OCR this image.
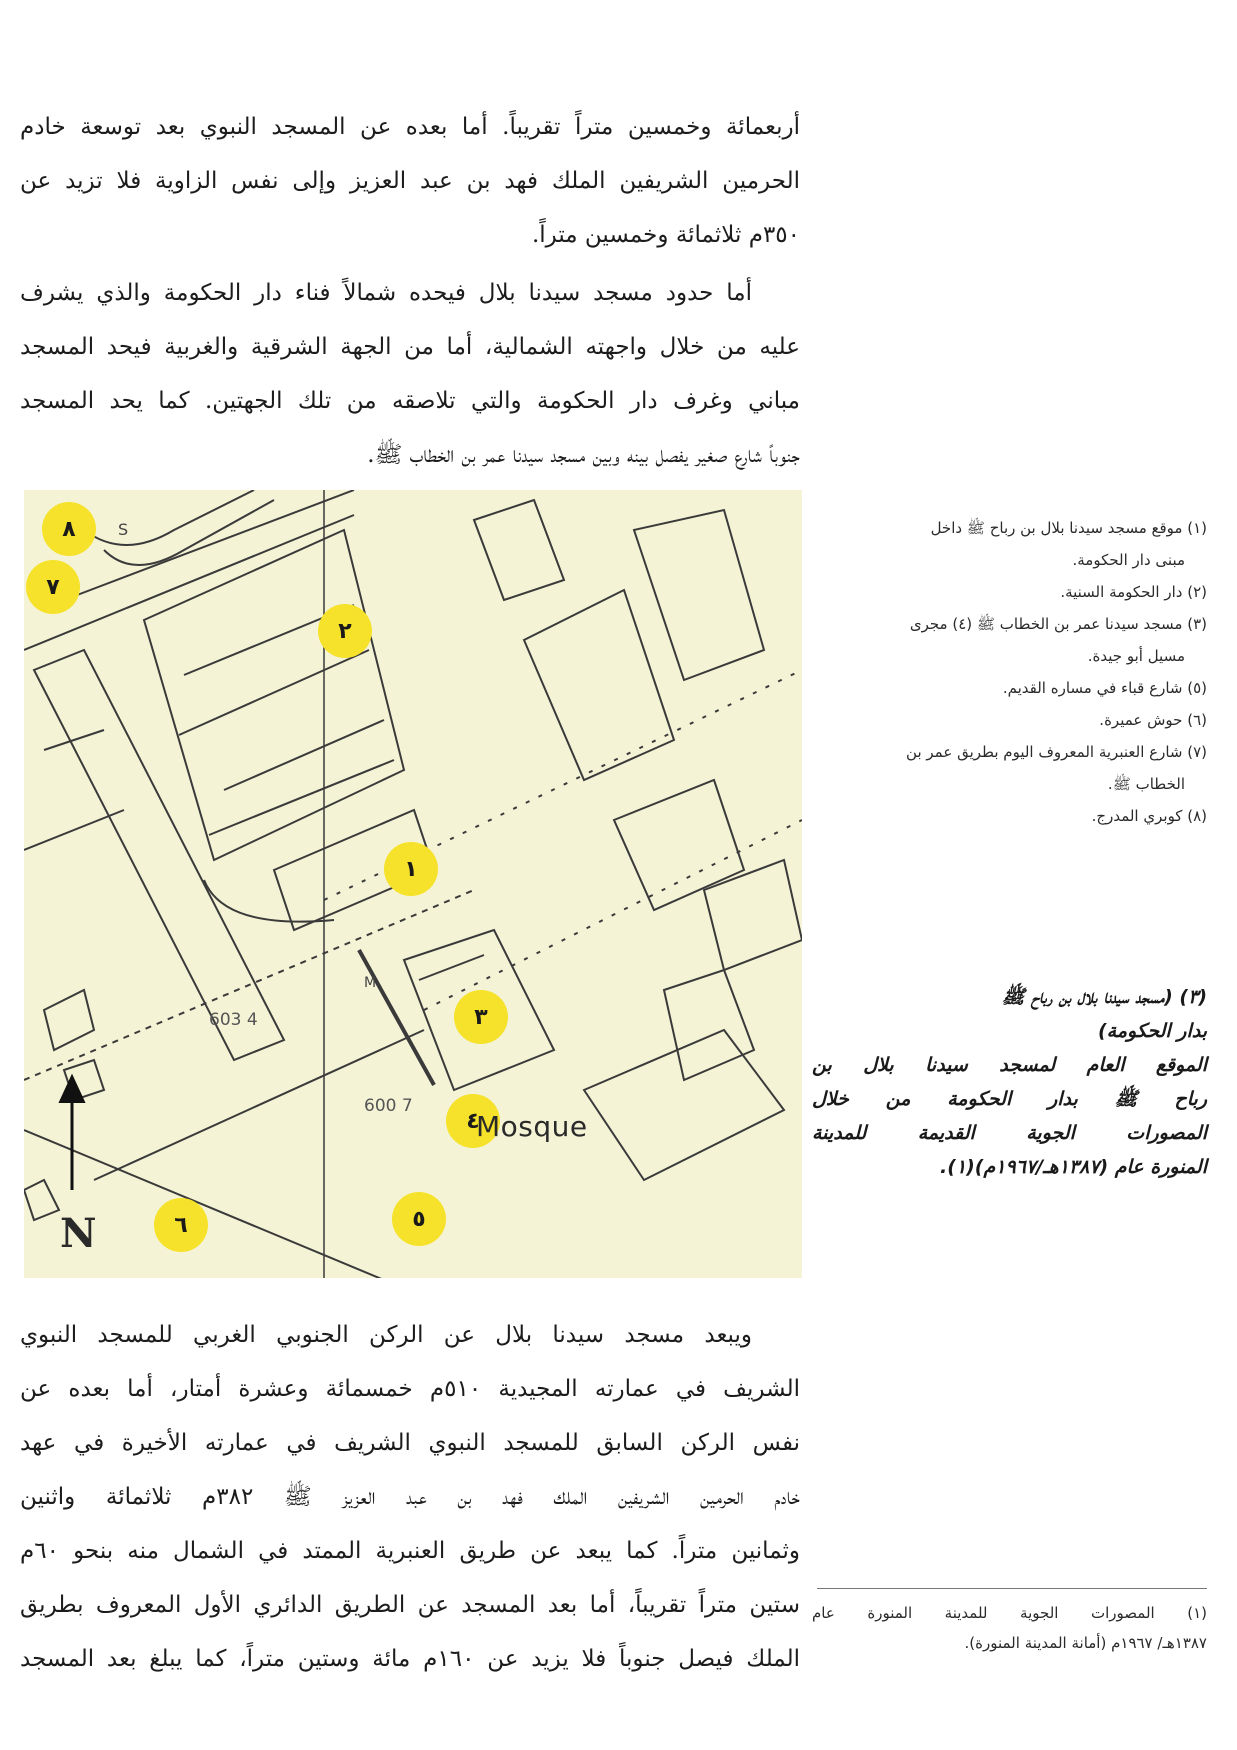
أربعمائة وخمسين متراً تقريباً. أما بعده عن المسجد النبوي بعد توسعة خادم
الحرمين الشريفين الملك فهد بن عبد العزيز وإلى نفس الزاوية فلا تزيد عن
٣٥٠م ثلاثمائة وخمسين متراً.
أما حدود مسجد سيدنا بلال فيحده شمالاً فناء دار الحكومة والذي يشرف
عليه من خلال واجهته الشمالية، أما من الجهة الشرقية والغربية فيحد المسجد
مباني وغرف دار الحكومة والتي تلاصقه من تلك الجهتين. كما يحد المسجد
جنوباً شارع صغير يفصل بينه وبين مسجد سيدنا عمر بن الخطاب ﷺ.
٨
٧
٢
١
٣
٤
٥
٦
Mosque
N
603 4
600 7
M
S	(١) موقع مسجد سيدنا بلال بن رباح ﷺ داخل
مبنى دار الحكومة.
(٢) دار الحكومة السنية.
(٣) مسجد سيدنا عمر بن الخطاب ﷺ (٤) مجرى
مسيل أبو جيدة.
(٥) شارع قباء في مساره القديم.
(٦) حوش عميرة.
(٧) شارع العنبرية المعروف اليوم بطريق عمر بن
الخطاب ﷺ.
(٨) كوبري المدرج.
(٣) (مسجد سيدنا بلال بن رباح ﷺ
بدار الحكومة)
الموقع العام لمسجد سيدنا بلال بن
رباح ﷺ بدار الحكومة من خلال
المصورات الجوية القديمة للمدينة
المنورة عام (١٣٨٧هـ/١٩٦٧م)(١).
ويبعد مسجد سيدنا بلال عن الركن الجنوبي الغربي للمسجد النبوي
الشريف في عمارته المجيدية ٥١٠م خمسمائة وعشرة أمتار، أما بعده عن
نفس الركن السابق للمسجد النبوي الشريف في عمارته الأخيرة في عهد
خادم الحرمين الشريفين الملك فهد بن عبد العزيز ﷺ ٣٨٢م ثلاثمائة واثنين
وثمانين متراً. كما يبعد عن طريق العنبرية الممتد في الشمال منه بنحو ٦٠م
ستين متراً تقريباً، أما بعد المسجد عن الطريق الدائري الأول المعروف بطريق
الملك فيصل جنوباً فلا يزيد عن ١٦٠م مائة وستين متراً، كما يبلغ بعد المسجد
(١) المصورات الجوية للمدينة المنورة عام
١٣٨٧هـ/ ١٩٦٧م (أمانة المدينة المنورة).
